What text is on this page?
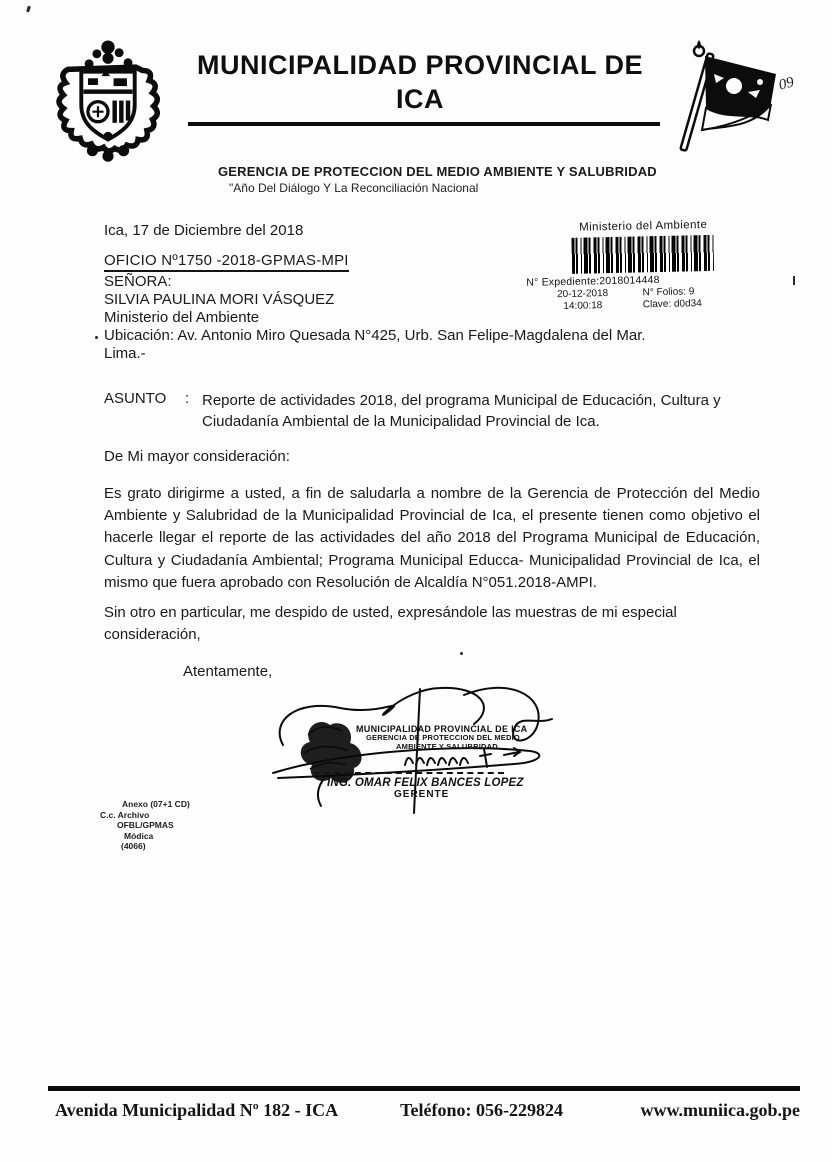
MUNICIPALIDAD PROVINCIAL DE
ICA	09
GERENCIA DE PROTECCION DEL MEDIO AMBIENTE Y SALUBRIDAD
"Año Del Diálogo Y La Reconciliación Nacional
Ministerio del Ambiente
N° Expediente:2018014448
20-12-2018	N° Folios: 9
14:00:18	Clave: d0d34
Ica, 17 de Diciembre del 2018
OFICIO Nº1750 -2018-GPMAS-MPI
SEÑORA:
SILVIA PAULINA MORI VÁSQUEZ
Ministerio del Ambiente
Ubicación: Av. Antonio Miro Quesada N°425, Urb. San Felipe-Magdalena del Mar.
Lima.-
ASUNTO	: Reporte de actividades 2018, del programa Municipal de Educación, Cultura y Ciudadanía Ambiental de la Municipalidad Provincial de Ica.
De Mi mayor consideración:
Es grato dirigirme a usted, a fin de saludarla a nombre de la Gerencia de Protección del Medio Ambiente y Salubridad de la Municipalidad Provincial de Ica, el presente tienen como objetivo el hacerle llegar el reporte de las actividades del año 2018 del Programa Municipal de Educación, Cultura y Ciudadanía Ambiental; Programa Municipal Educca- Municipalidad Provincial de Ica, el mismo que fuera aprobado con Resolución de Alcaldía N°051.2018-AMPI.
Sin otro en particular, me despido de usted, expresándole las muestras de mi especial consideración,
Atentamente,
MUNICIPALIDAD PROVINCIAL DE ICA
GERENCIA DE PROTECCION DEL MEDIO
AMBIENTE Y SALUBRIDAD
ING. OMAR FELIX BANCES LOPEZ
GERENTE
Anexo (07+1 CD)
C.c. Archivo
OFBL/GPMAS
Módica
(4066)
Avenida Municipalidad Nº 182 - ICA	Teléfono: 056-229824	www.muniica.gob.pe
